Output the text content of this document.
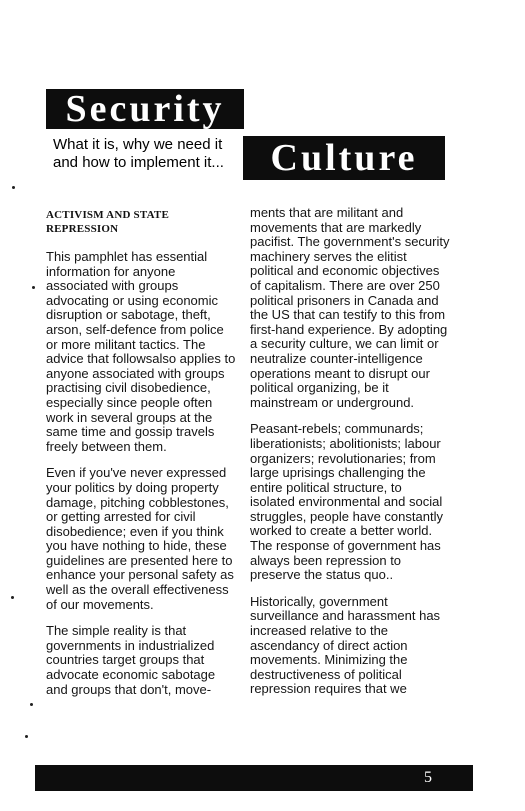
Security
What it is, why we need it and how to implement it...	Culture
ACTIVISM AND STATE REPRESSION

This pamphlet has essential information for anyone associated with groups advocating or using economic disruption or sabotage, theft, arson, self-defence from police or more militant tactics. The advice that followsalso applies to anyone associated with groups practising civil disobedience, especially since people often work in several groups at the same time and gossip travels freely between them.

Even if you've never expressed your politics by doing property damage, pitching cobblestones, or getting arrested for civil disobedience; even if you think you have nothing to hide, these guidelines are presented here to enhance your personal safety as well as the overall effectiveness of our movements.

The simple reality is that governments in industrialized countries target groups that advocate economic sabotage and groups that don't, move-

ments that are militant and movements that are markedly pacifist. The government's security machinery serves the elitist political and economic objectives of capitalism. There are over 250 political prisoners in Canada and the US that can testify to this from first-hand experience. By adopting a security culture, we can limit or neutralize counter-intelligence operations meant to disrupt our political organizing, be it mainstream or underground.

Peasant-rebels; communards; liberationists; abolitionists; labour organizers; revolutionaries; from large uprisings challenging the entire political structure, to isolated environmental and social struggles, people have constantly worked to create a better world. The response of government has always been repression to preserve the status quo..

Historically, government surveillance and harassment has increased relative to the ascendancy of direct action movements. Minimizing the destructiveness of political repression requires that we

5
